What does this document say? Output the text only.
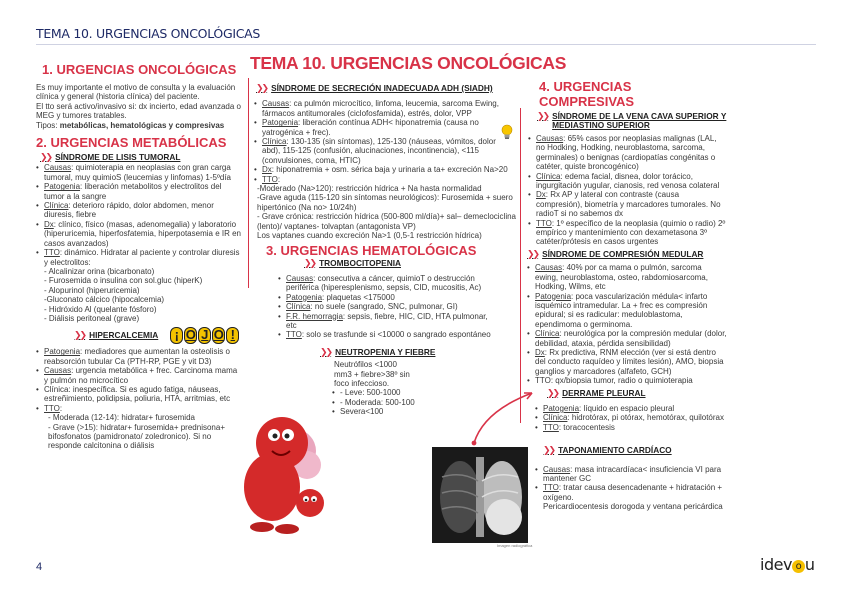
TEMA 10. URGENCIAS ONCOLÓGICAS
TEMA 10. URGENCIAS ONCOLÓGICAS
1. URGENCIAS ONCOLÓGICAS
Es muy importante el motivo de consulta y la evaluación clínica y general (historia clínica) del paciente.
El tto será activo/invasivo si: dx incierto, edad avanzada o MEG y tumores tratables.
Tipos: metabólicas, hematológicas y compresivas
2. URGENCIAS METABÓLICAS
❯❯ SÍNDROME DE LISIS TUMORAL
• Causas: quimioterapia en neoplasias con gran carga tumoral, muy quimioS (leucemias y linfomas) 1-5ºdía
• Patogenia: liberación metabolitos y electrolitos del tumor a la sangre
• Clínica: deterioro rápido, dolor abdomen, menor diuresis, fiebre
• Dx: clínico, físico (masas, adenomegalia) y laboratorio (hiperuricemia, hiperfosfatemia, hiperpotasemia e IR en casos avanzados)
• TTO: dinámico. Hidratar al paciente y controlar diuresis y electrolitos:
- Alcalinizar orina (bicarbonato)
- Furosemida o insulina con sol.gluc (hiperK)
- Alopurinol (hiperuricemia)
-Gluconato cálcico (hipocalcemia)
- Hidróxido Al (quelante fósforo)
- Diálisis peritoneal (grave)
❯❯ HIPERCALCEMIA	¡ O J O !
• Patogenia: mediadores que aumentan la osteolisis o reabsorción tubular Ca (PTH-RP, PGE y vit D3)
• Causas: urgencia metabólica + frec. Carcinoma mama y pulmón no microcítico
• Clínica: inespecífica. Si es agudo fatiga, náuseas, estreñimiento, polidipsia, poliuria, HTA, arritmias, etc
• TTO:
- Moderada (12-14): hidratar+ furosemida
- Grave (>15): hidratar+ furosemida+ prednisona+ bifosfonatos (pamidronato/ zoledronico). Si no responde calcitonina o diálisis
❯❯ SÍNDROME DE SECRECIÓN INADECUADA ADH (SIADH)
• Causas: ca pulmón microcítico, linfoma, leucemia, sarcoma Ewing, fármacos antitumorales (ciclofosfamida), estrés, dolor, VPP
• Patogenia: liberación contínua ADH< hiponatremia (causa no yatrogénica + frec).
• Clínica: 130-135 (sin síntomas), 125-130 (náuseas, vómitos, dolor abd), 115-125 (confusión, alucinaciones, incontinencia), <115 (convulsiones, coma, HTIC)
• Dx: hiponatremia + osm. sérica baja y urinaria a ta+ excreción Na>20
• TTO:
-Moderado (Na>120): restricción hídrica + Na hasta normalidad
-Grave aguda (115-120 sin síntomas neurológicos): Furosemida + suero hipertónico (Na no> 10/24h)
- Grave crónica: restricción hídrica (500-800 ml/día)+ sal– demeclociclina (lento)/ vaptanes- tolvaptan (antagonista VP)
Los vaptanes cuando excreción Na>1 (0,5-1 restricción hídrica)
3. URGENCIAS HEMATOLÓGICAS
❯❯ TROMBOCITOPENIA
• Causas: consecutiva a cáncer, quimioT o destrucción periférica (hiperesplenismo, sepsis, CID, mucositis, Ac)
• Patogenia: plaquetas <175000
• Clínica: no suele (sangrado, SNC, pulmonar, GI)
• F.R. hemorragia: sepsis, fiebre, HIC, CID, HTA pulmonar, etc
• TTO: solo se trasfunde si <10000 o sangrado espontáneo
❯❯ NEUTROPENIA Y FIEBRE
Neutrófilos <1000
mm3 + fiebre>38º sin
foco infeccioso.
• - Leve: 500-1000
• - Moderada: 500-100
• Severa<100
Imagen radiográfica
4. URGENCIAS COMPRESIVAS
❯❯ SÍNDROME DE LA VENA CAVA SUPERIOR Y MEDIASTINO SUPERIOR
• Causas: 65% casos por neoplasias malignas (LAL, no Hodking, Hodking, neuroblastoma, sarcoma, germinales) o benignas (cardiopatías congénitas o catéter, quiste broncogénico)
• Clínica: edema facial, disnea, dolor torácico, ingurgitación yugular, cianosis, red venosa colateral
• Dx: Rx AP y lateral con contraste (causa compresión), biometría y marcadores tumorales. No radioT si no sabemos dx
• TTO: 1º específico de la neoplasia (quimio o radio) 2º empírico y mantenimiento con dexametasona 3º catéter/prótesis en casos urgentes
❯❯ SÍNDROME DE COMPRESIÓN MEDULAR
• Causas: 40% por ca mama o pulmón, sarcoma ewing, neuroblastoma, osteo, rabdomiosarcoma, Hodking, Wilms, etc
• Patogenia: poca vascularización médula< infarto isquémico intramedular. La + frec es compresión epidural; si es radicular: meduloblastoma, ependimoma o germinoma.
• Clínica: neurológica por la compresión medular (dolor, debilidad, ataxia, pérdida sensibilidad)
• Dx: Rx predictiva, RNM elección (ver si está dentro del conducto raquídeo y límites lesión), AMO, biopsia ganglios y marcadores (alfafeto, GCH)
• TTO: qx/biopsia tumor, radio o quimioterapia
❯❯ DERRAME PLEURAL
• Patogenia: líquido en espacio pleural
• Clínica: hidrotórax, pi otórax, hemotórax, quilotórax
• TTO: toracocentesis
❯❯ TAPONAMIENTO CARDÍACO
• Causas: masa intracardíaca< insuficiencia VI para mantener GC
• TTO: tratar causa desencadenante + hidratación + oxígeno.
Pericardiocentesis dorogoda y ventana pericárdica
4	idev o u
